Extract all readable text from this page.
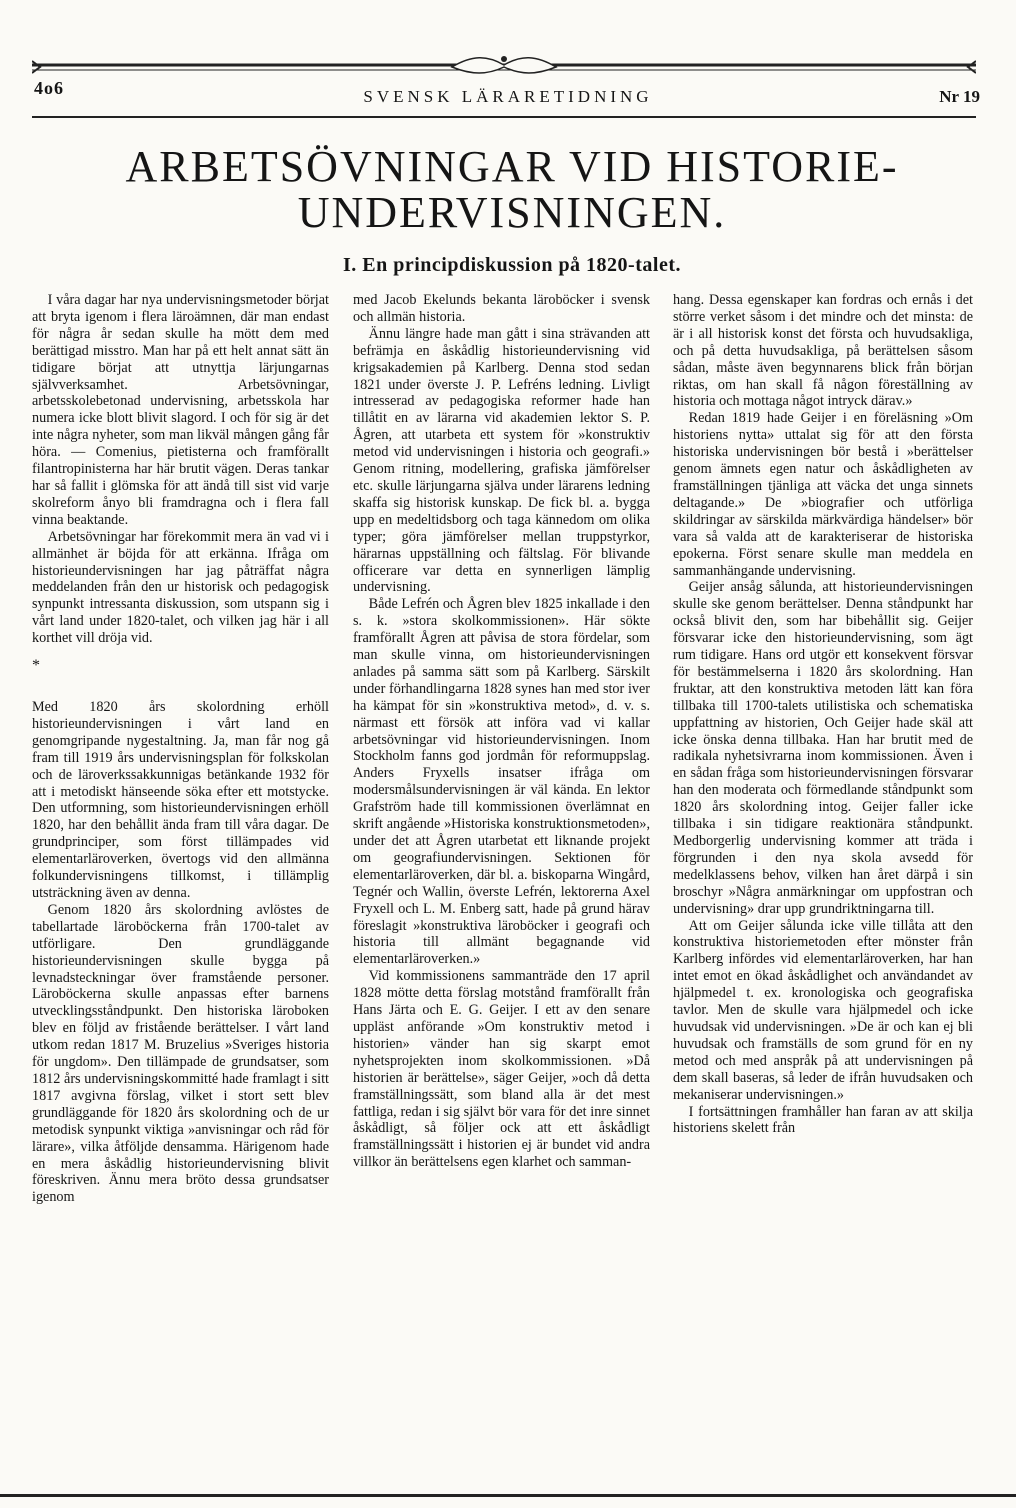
4o6	SVENSK LÄRARETIDNING	Nr 19
ARBETSÖVNINGAR VID HISTORIE-
UNDERVISNINGEN.
I. En principdiskussion på 1820-talet.

I våra dagar har nya undervisningsmetoder börjat att bryta igenom i flera läroämnen, där man endast för några år sedan skulle ha mött dem med berättigad misstro. Man har på ett helt annat sätt än tidigare börjat att utnyttja lärjungarnas självverksamhet. Arbetsövningar, arbetsskolebetonad undervisning, arbetsskola har numera icke blott blivit slagord. I och för sig är det inte några nyheter, som man likväl mången gång får höra. — Comenius, pietisterna och framförallt filantropinisterna har här brutit vägen. Deras tankar har så fallit i glömska för att ändå till sist vid varje skolreform ånyo bli framdragna och i flera fall vinna beaktande.

Arbetsövningar har förekommit mera än vad vi i allmänhet är böjda för att erkänna. Ifråga om historieundervisningen har jag påträffat några meddelanden från den ur historisk och pedagogisk synpunkt intressanta diskussion, som utspann sig i vårt land under 1820-talet, och vilken jag här i all korthet vill dröja vid.

*

Med 1820 års skolordning erhöll historieundervisningen i vårt land en genomgripande nygestaltning. Ja, man får nog gå fram till 1919 års undervisningsplan för folkskolan och de läroverkssakkunnigas betänkande 1932 för att i metodiskt hänseende söka efter ett motstycke. Den utformning, som historieundervisningen erhöll 1820, har den behållit ända fram till våra dagar. De grundprinciper, som först tillämpades vid elementarläroverken, övertogs vid den allmänna folkundervisningens tillkomst, i tillämplig utsträckning även av denna.

Genom 1820 års skolordning avlöstes de tabellartade läroböckerna från 1700-talet av utförligare. Den grundläggande historieundervisningen skulle bygga på levnadsteckningar över framstående personer. Läroböckerna skulle anpassas efter barnens utvecklingsståndpunkt. Den historiska läroboken blev en följd av fristående berättelser. I vårt land utkom redan 1817 M. Bruzelius »Sveriges historia för ungdom». Den tillämpade de grundsatser, som 1812 års undervisningskommitté hade framlagt i sitt 1817 avgivna förslag, vilket i stort sett blev grundläggande för 1820 års skolordning och de ur metodisk synpunkt viktiga »anvisningar och råd för lärare», vilka åtföljde densamma. Härigenom hade en mera åskådlig historieundervisning blivit föreskriven. Ännu mera bröto dessa grundsatser igenom

med Jacob Ekelunds bekanta läroböcker i svensk och allmän historia.

Ännu längre hade man gått i sina strävanden att befrämja en åskådlig historieundervisning vid krigsakademien på Karlberg. Denna stod sedan 1821 under överste J. P. Lefréns ledning. Livligt intresserad av pedagogiska reformer hade han tillåtit en av lärarna vid akademien lektor S. P. Ågren, att utarbeta ett system för »konstruktiv metod vid undervisningen i historia och geografi.» Genom ritning, modellering, grafiska jämförelser etc. skulle lärjungarna själva under lärarens ledning skaffa sig historisk kunskap. De fick bl. a. bygga upp en medeltidsborg och taga kännedom om olika typer; göra jämförelser mellan truppstyrkor, härarnas uppställning och fältslag. För blivande officerare var detta en synnerligen lämplig undervisning.

Både Lefrén och Ågren blev 1825 inkallade i den s. k. »stora skolkommissionen». Här sökte framförallt Ågren att påvisa de stora fördelar, som man skulle vinna, om historieundervisningen anlades på samma sätt som på Karlberg. Särskilt under förhandlingarna 1828 synes han med stor iver ha kämpat för sin »konstruktiva metod», d. v. s. närmast ett försök att införa vad vi kallar arbetsövningar vid historieundervisningen. Inom Stockholm fanns god jordmån för reformuppslag. Anders Fryxells insatser ifråga om modersmålsundervisningen är väl kända. En lektor Grafström hade till kommissionen överlämnat en skrift angående »Historiska konstruktionsmetoden», under det att Ågren utarbetat ett liknande projekt om geografiundervisningen. Sektionen för elementarläroverken, där bl. a. biskoparna Wingård, Tegnér och Wallin, överste Lefrén, lektorerna Axel Fryxell och L. M. Enberg satt, hade på grund härav föreslagit »konstruktiva läroböcker i geografi och historia till allmänt begagnande vid elementarläroverken.»

Vid kommissionens sammanträde den 17 april 1828 mötte detta förslag motstånd framförallt från Hans Järta och E. G. Geijer. I ett av den senare uppläst anförande »Om konstruktiv metod i historien» vänder han sig skarpt emot nyhetsprojekten inom skolkommissionen. »Då historien är berättelse», säger Geijer, »och då detta framställningssätt, som bland alla är det mest fattliga, redan i sig självt bör vara för det inre sinnet åskådligt, så följer ock att ett åskådligt framställningssätt i historien ej är bundet vid andra villkor än berättelsens egen klarhet och samman-

hang. Dessa egenskaper kan fordras och ernås i det större verket såsom i det mindre och det minsta: de är i all historisk konst det första och huvudsakliga, och på detta huvudsakliga, på berättelsen såsom sådan, måste även begynnarens blick från början riktas, om han skall få någon föreställning av historia och mottaga något intryck därav.»

Redan 1819 hade Geijer i en föreläsning »Om historiens nytta» uttalat sig för att den första historiska undervisningen bör bestå i »berättelser genom ämnets egen natur och åskådligheten av framställningen tjänliga att väcka det unga sinnets deltagande.» De »biografier och utförliga skildringar av särskilda märkvärdiga händelser» bör vara så valda att de karakteriserar de historiska epokerna. Först senare skulle man meddela en sammanhängande undervisning.

Geijer ansåg sålunda, att historieundervisningen skulle ske genom berättelser. Denna ståndpunkt har också blivit den, som har bibehållit sig. Geijer försvarar icke den historieundervisning, som ägt rum tidigare. Hans ord utgör ett konsekvent försvar för bestämmelserna i 1820 års skolordning. Han fruktar, att den konstruktiva metoden lätt kan föra tillbaka till 1700-talets utilistiska och schematiska uppfattning av historien, Och Geijer hade skäl att icke önska denna tillbaka. Han har brutit med de radikala nyhetsivrarna inom kommissionen. Även i en sådan fråga som historieundervisningen försvarar han den moderata och förmedlande ståndpunkt som 1820 års skolordning intog. Geijer faller icke tillbaka i sin tidigare reaktionära ståndpunkt. Medborgerlig undervisning kommer att träda i förgrunden i den nya skola avsedd för medelklassens behov, vilken han året därpå i sin broschyr »Några anmärkningar om uppfostran och undervisning» drar upp grundriktningarna till.

Att om Geijer sålunda icke ville tillåta att den konstruktiva historiemetoden efter mönster från Karlberg infördes vid elementarläroverken, har han intet emot en ökad åskådlighet och användandet av hjälpmedel t. ex. kronologiska och geografiska tavlor. Men de skulle vara hjälpmedel och icke huvudsak vid undervisningen. »De är och kan ej bli huvudsak och framställs de som grund för en ny metod och med anspråk på att undervisningen på dem skall baseras, så leder de ifrån huvudsaken och mekaniserar undervisningen.»

I fortsättningen framhåller han faran av att skilja historiens skelett från
